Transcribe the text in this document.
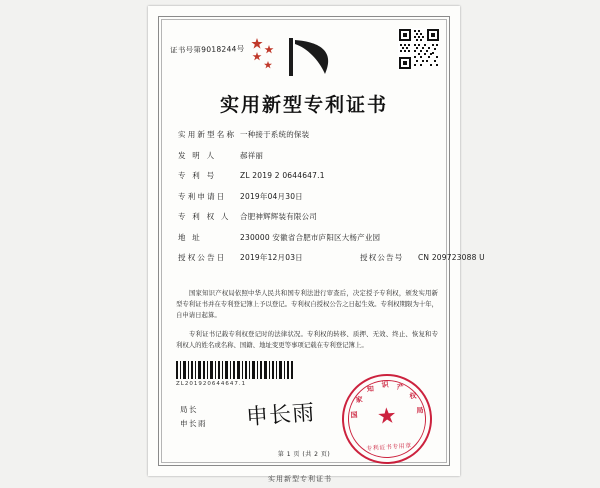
证书号第9018244号
实用新型专利证书
实用新型名称 一种接于系统的保装
发 明 人	郝祥丽
专 利 号	ZL 2019 2 0644647.1
专利申请日	2019年04月30日
专 利 权 人	合肥神辉辉装有限公司
地 址	230000 安徽省合肥市庐阳区大杨产业园
授权公告日	2019年12月03日	授权公告号	CN 209723088 U

国家知识产权局依照中华人民共和国专利法进行审查后，决定授予专利权，颁发实用新型专利证书并在专利登记簿上予以登记。专利权自授权公告之日起生效。专利权期限为十年，自申请日起算。

专利证书记载专利权登记时的法律状况。专利权的转移、质押、无效、终止、恢复和专利权人的姓名或名称、国籍、地址变更等事项记载在专利登记簿上。

ZL201920644647.1
局长
申长雨 申长雨	★
识
知
家
国
产
权
局
专利证书专用章
第 1 页 (共 2 页)
实用新型专利证书
